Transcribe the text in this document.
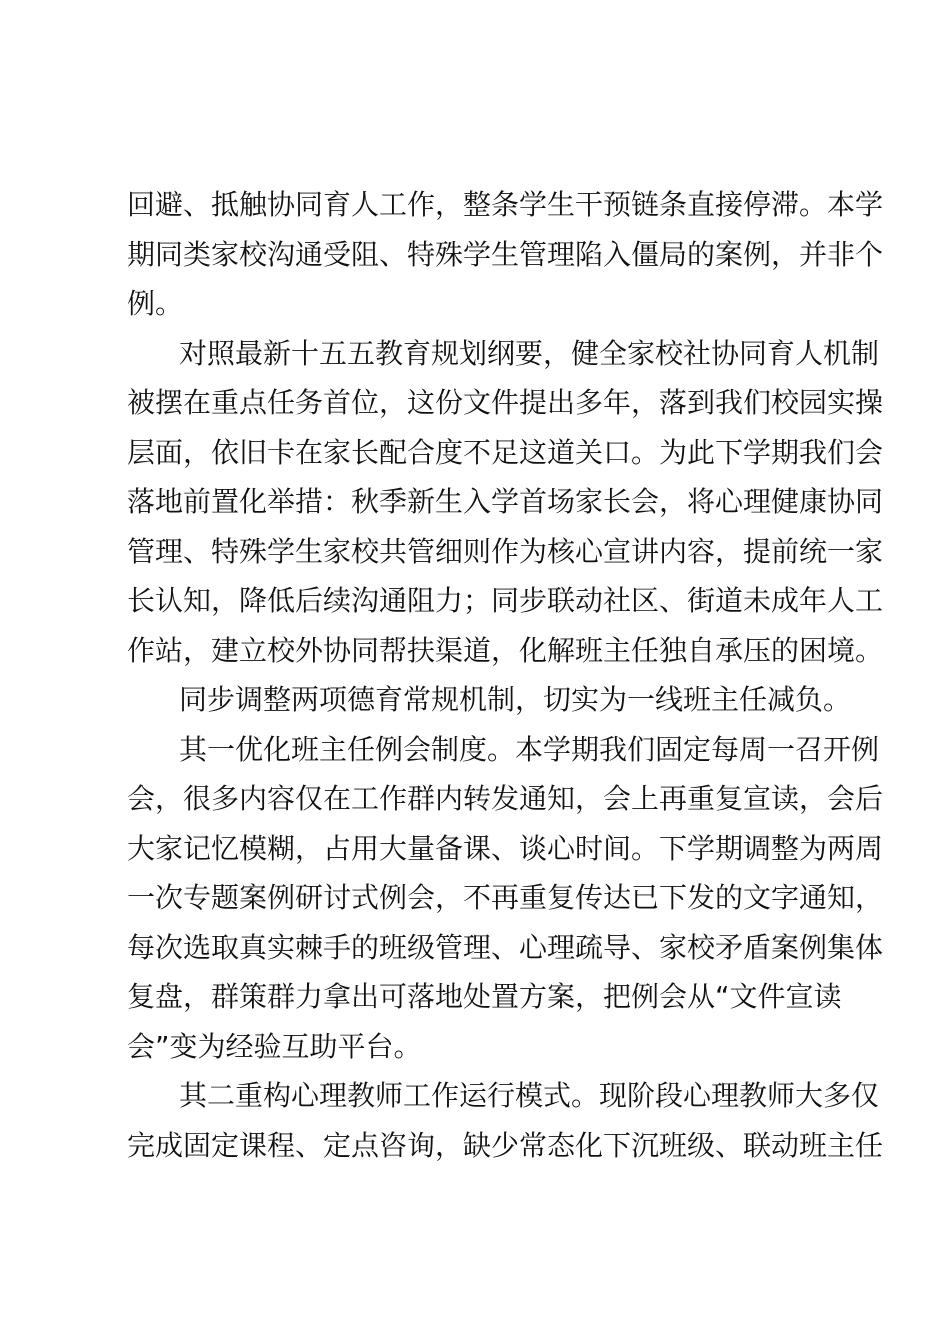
回避、抵触协同育人工作，整条学生干预链条直接停滞。本学
期同类家校沟通受阻、特殊学生管理陷入僵局的案例，并非个
例。
对照最新十五五教育规划纲要，健全家校社协同育人机制
被摆在重点任务首位，这份文件提出多年，落到我们校园实操
层面，依旧卡在家长配合度不足这道关口。为此下学期我们会
落地前置化举措：秋季新生入学首场家长会，将心理健康协同
管理、特殊学生家校共管细则作为核心宣讲内容，提前统一家
长认知，降低后续沟通阻力；同步联动社区、街道未成年人工
作站，建立校外协同帮扶渠道，化解班主任独自承压的困境。
同步调整两项德育常规机制，切实为一线班主任减负。
其一优化班主任例会制度。本学期我们固定每周一召开例
会，很多内容仅在工作群内转发通知，会上再重复宣读，会后
大家记忆模糊，占用大量备课、谈心时间。下学期调整为两周
一次专题案例研讨式例会，不再重复传达已下发的文字通知，
每次选取真实棘手的班级管理、心理疏导、家校矛盾案例集体
复盘，群策群力拿出可落地处置方案，把例会从“文件宣读
会”变为经验互助平台。
其二重构心理教师工作运行模式。现阶段心理教师大多仅
完成固定课程、定点咨询，缺少常态化下沉班级、联动班主任
